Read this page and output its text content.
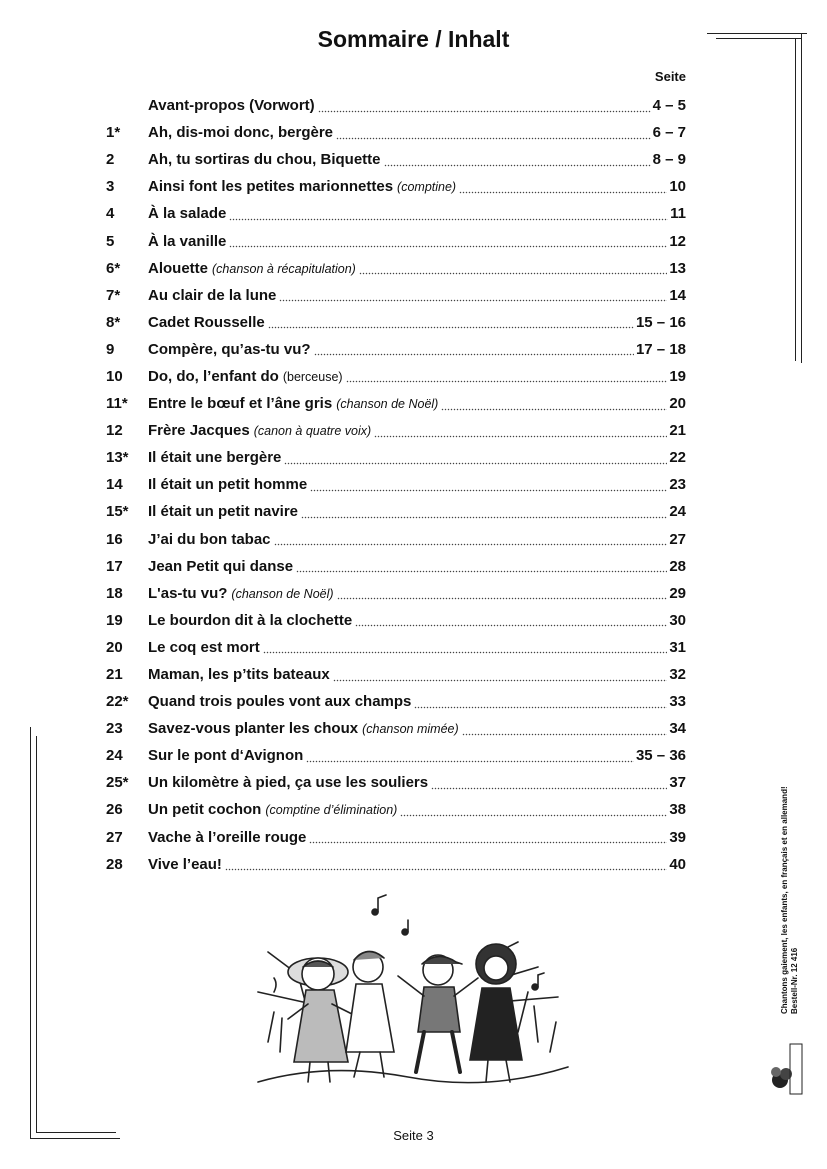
Sommaire / Inhalt
Seite
Avant-propos (Vorwort)	4 – 5
1*	Ah, dis-moi donc, bergère	6 – 7
2	Ah, tu sortiras du chou, Biquette	8 – 9
3	Ainsi font les petites marionnettes (comptine)	10
4	À la salade	11
5	À la vanille	12
6*	Alouette (chanson à récapitulation)	13
7*	Au clair de la lune	14
8*	Cadet Rousselle	15 – 16
9	Compère, qu’as-tu vu?	17 – 18
10	Do, do, l’enfant do (berceuse)	19
11*	Entre le bœuf et l’âne gris (chanson de Noël)	20
12	Frère Jacques (canon à quatre voix)	21
13*	Il était une bergère	22
14	Il était un petit homme	23
15*	Il était un petit navire	24
16	J’ai du bon tabac	27
17	Jean Petit qui danse	28
18	L'as-tu vu? (chanson de Noël)	29
19	Le bourdon dit à la clochette	30
20	Le coq est mort	31
21	Maman, les p’tits bateaux	32
22*	Quand trois poules vont aux champs	33
23	Savez-vous planter les choux (chanson mimée)	34
24	Sur le pont d‘Avignon	35 – 36
25*	Un kilomètre à pied, ça use les souliers	37
26	Un petit cochon (comptine d’élimination)	38
27	Vache à l’oreille rouge	39
28	Vive l’eau!	40	Chantons gaiement, les enfants, en français et en allemand! Bestell-Nr. 12 416
Seite 3
